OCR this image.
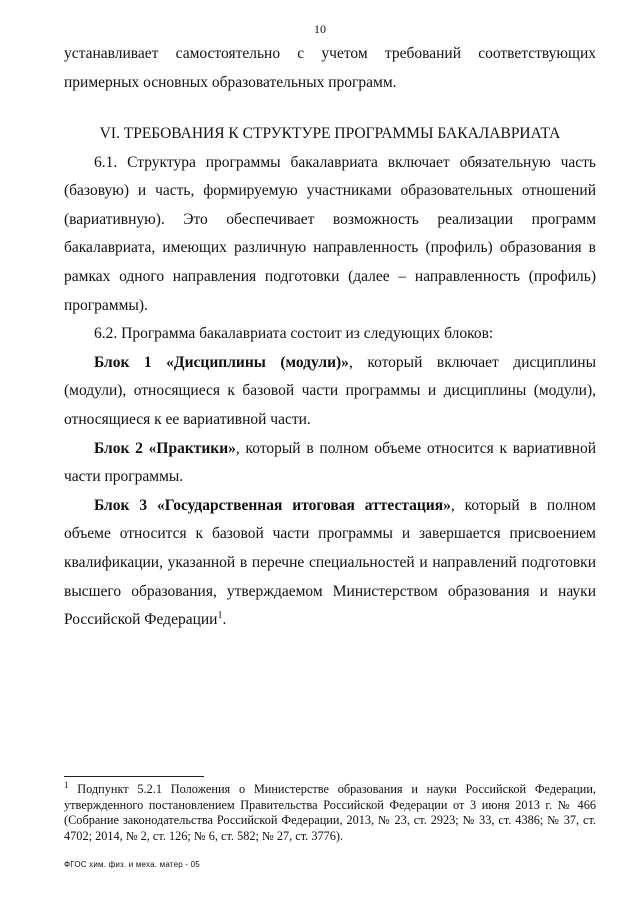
10

устанавливает самостоятельно с учетом требований соответствующих примерных основных образовательных программ.

VI. ТРЕБОВАНИЯ К СТРУКТУРЕ ПРОГРАММЫ БАКАЛАВРИАТА

6.1. Структура программы бакалавриата включает обязательную часть (базовую) и часть, формируемую участниками образовательных отношений (вариативную). Это обеспечивает возможность реализации программ бакалавриата, имеющих различную направленность (профиль) образования в рамках одного направления подготовки (далее – направленность (профиль) программы).

6.2. Программа бакалавриата состоит из следующих блоков:

Блок 1 «Дисциплины (модули)», который включает дисциплины (модули), относящиеся к базовой части программы и дисциплины (модули), относящиеся к ее вариативной части.

Блок 2 «Практики», который в полном объеме относится к вариативной части программы.

Блок 3 «Государственная итоговая аттестация», который в полном объеме относится к базовой части программы и завершается присвоением квалификации, указанной в перечне специальностей и направлений подготовки высшего образования, утверждаемом Министерством образования и науки Российской Федерации$^1$.

$^1$ Подпункт 5.2.1 Положения о Министерстве образования и науки Российской Федерации, утвержденного постановлением Правительства Российской Федерации от 3 июня 2013 г. № 466 (Собрание законодательства Российской Федерации, 2013, № 23, ст. 2923; № 33, ст. 4386; № 37, ст. 4702; 2014, № 2, ст. 126; № 6, ст. 582; № 27, ст. 3776).
ФГОС хим. физ. и меха. матер - 05
